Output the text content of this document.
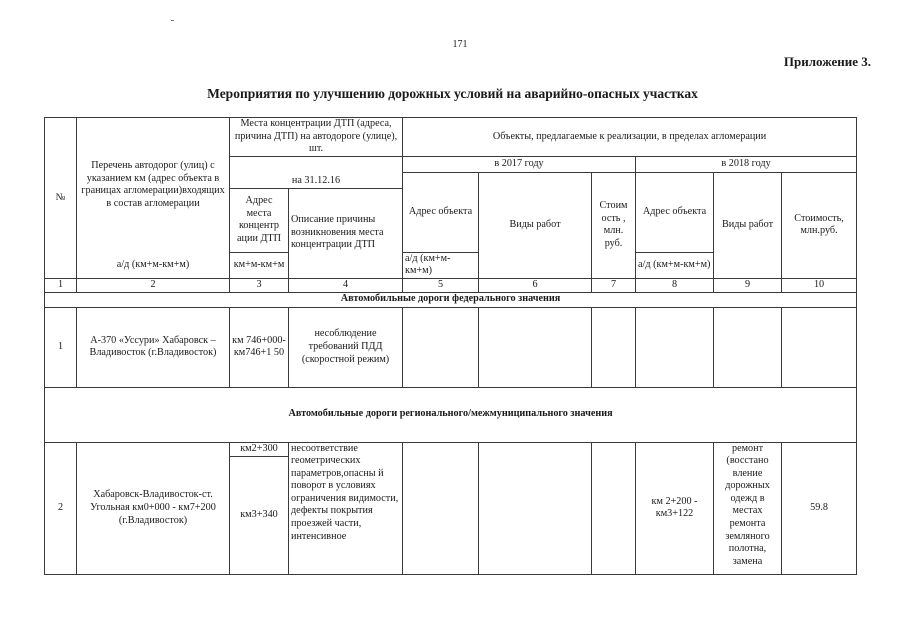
171
Приложение 3.
Мероприятия по улучшению дорожных условий на аварийно-опасных участках
№	Перечень автодорог (улиц) с указанием км (адрес объекта в границах агломерации)входящих в состав агломерации	Места концентрации ДТП (адреса, причина ДТП) на автодороге (улице), шт.		Объекты, предлагаемые к реализации, в пределах агломерации					
		на 31.12.16		в 2017 году			в 2018 году		
				Адрес объекта	Виды работ	Стоим ость , млн. руб.	Адрес объекта	Виды работ	Стоимость, млн.руб.
		Адрес места концентр ации ДТП	Описание причины возникновения места концентрации ДТП						
	а/д (км+м-км+м)	км+м-км+м		а/д (км+м-км+м)			а/д (км+м-км+м)		
1	2	3	4	5	6	7	8	9	10
Автомобильные дороги федерального значения									
1	А-370 «Уссури» Хабаровск – Владивосток (г.Владивосток)	км 746+000-км746+1 50	несоблюдение требований ПДД (скоростной режим)						
Автомобильные дороги регионального/межмуниципального значения									
2	Хабаровск-Владивосток-ст. Угольная км0+000 - км7+200 (г.Владивосток)	км2+300	несоответствие геометрических параметров,опасны й поворот в условиях ограничения видимости, дефекты покрытия проезжей части, интенсивное				км 2+200 - км3+122	ремонт (восстано вление дорожных одежд в местах ремонта земляного полотна, замена	59.8
		км3+340							
